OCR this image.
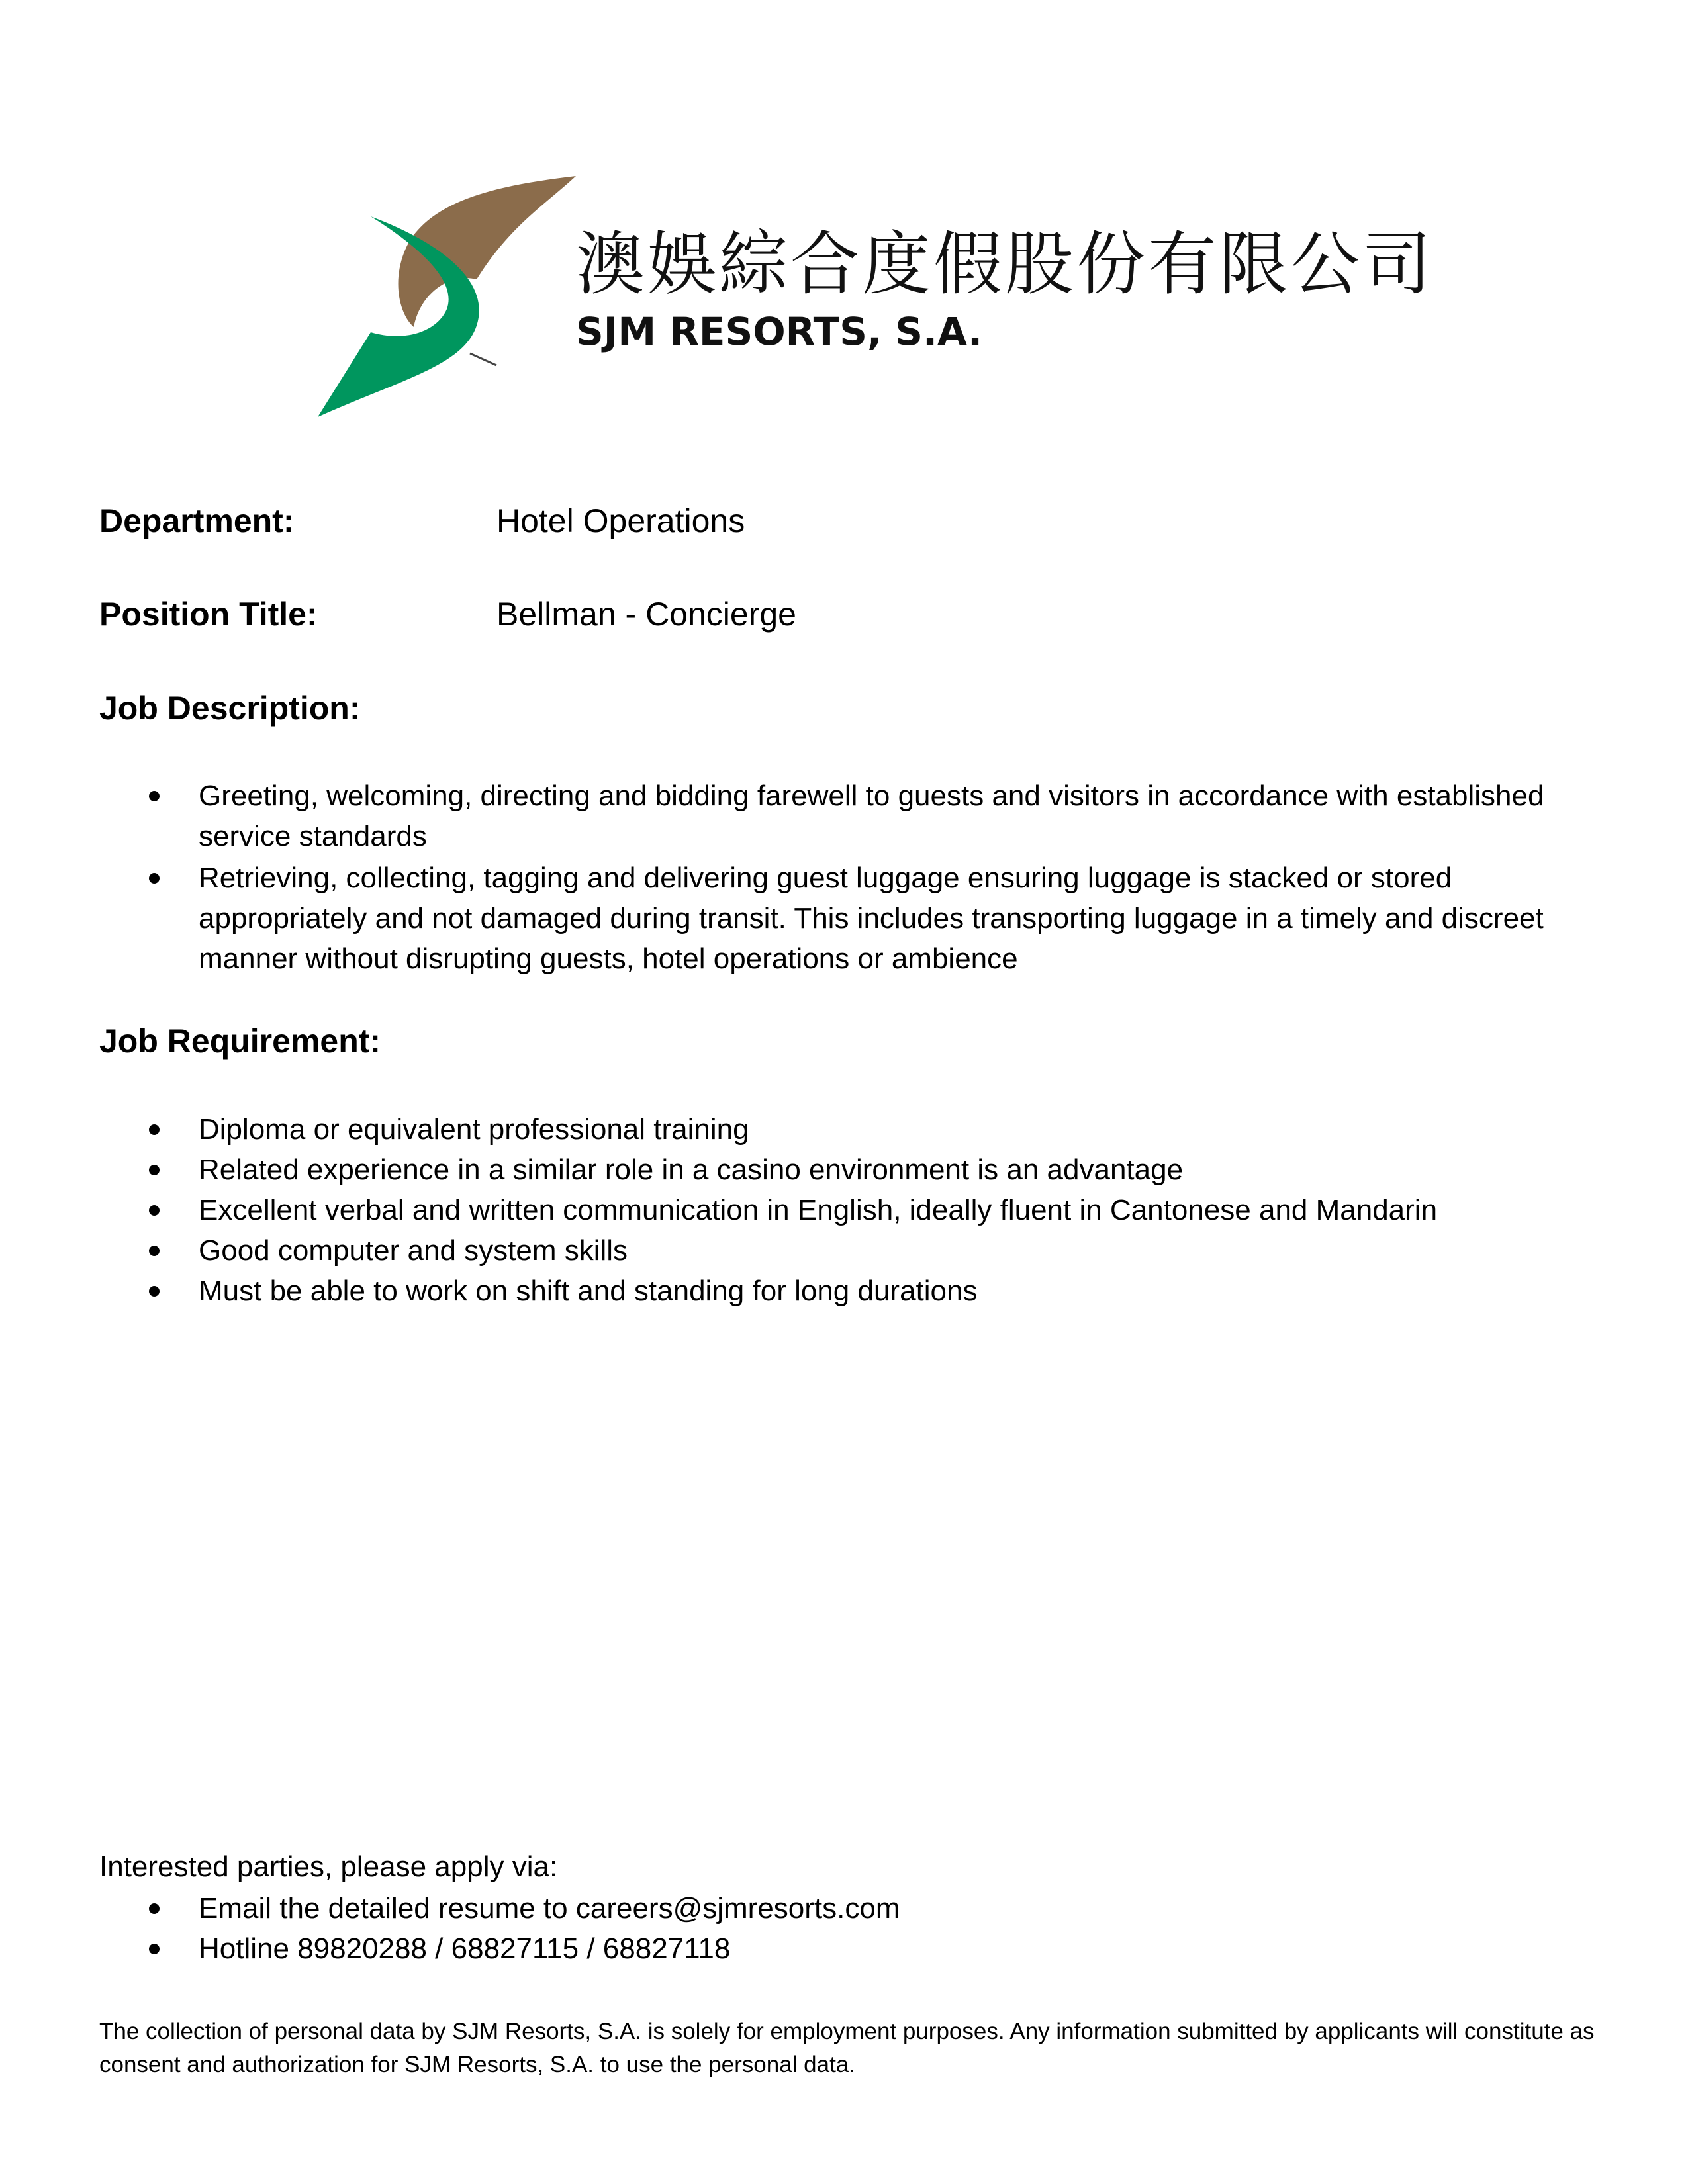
澳娛綜合度假股份有限公司
SJM RESORTS, S.A.
Department:	Hotel Operations
Position Title:	Bellman - Concierge
Job Description:
Greeting, welcoming, directing and bidding farewell to guests and visitors in accordance with established service standards
Retrieving, collecting, tagging and delivering guest luggage ensuring luggage is stacked or stored appropriately and not damaged during transit. This includes transporting luggage in a timely and discreet manner without disrupting guests, hotel operations or ambience
Job Requirement:
Diploma or equivalent professional training
Related experience in a similar role in a casino environment is an advantage
Excellent verbal and written communication in English, ideally fluent in Cantonese and Mandarin
Good computer and system skills
Must be able to work on shift and standing for long durations
Interested parties, please apply via:
Email the detailed resume to careers@sjmresorts.com
Hotline 89820288 / 68827115 / 68827118

The collection of personal data by SJM Resorts, S.A. is solely for employment purposes. Any information submitted by applicants will constitute as consent and authorization for SJM Resorts, S.A. to use the personal data.
